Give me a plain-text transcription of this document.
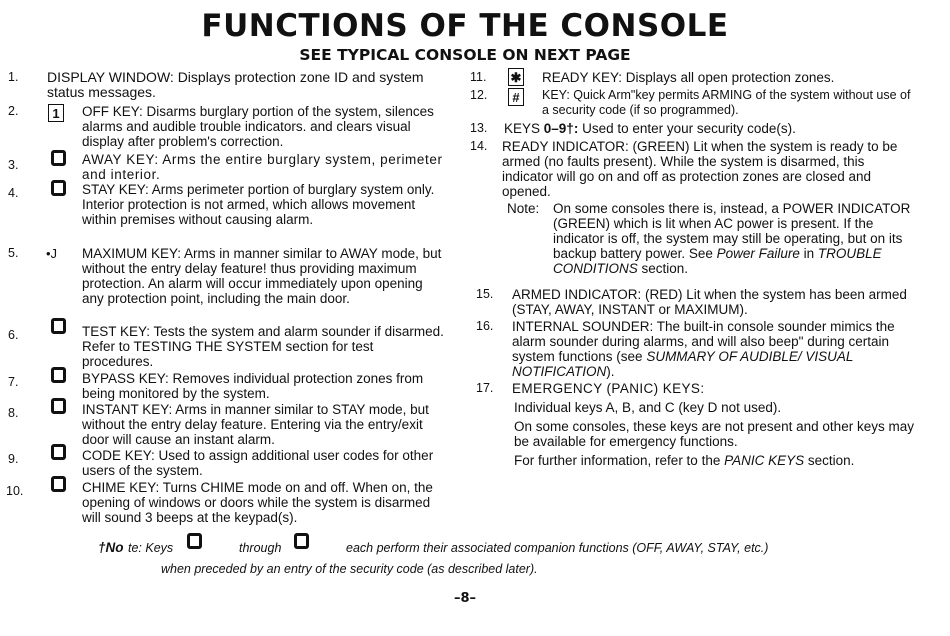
FUNCTIONS OF THE CONSOLE
SEE TYPICAL CONSOLE ON NEXT PAGE
1.	DISPLAY WINDOW: Displays protection zone ID and system status messages.
2.	1	OFF KEY: Disarms burglary portion of the system, silences alarms and audible trouble indicators. and clears visual display after problem's correction.
3.	AWAY KEY: Arms the entire burglary system, perimeter and interior.
4.	STAY KEY: Arms perimeter portion of burglary system only. Interior protection is not armed, which allows movement within premises without causing alarm.
5.	•J MAXIMUM KEY: Arms in manner similar to AWAY mode, but without the entry delay feature! thus providing maximum protection. An alarm will occur immediately upon opening any protection point, including the main door.
6.	TEST KEY: Tests the system and alarm sounder if disarmed. Refer to TESTING THE SYSTEM section for test procedures.
7.	BYPASS KEY: Removes individual protection zones from being monitored by the system.
8.	INSTANT KEY: Arms in manner similar to STAY mode, but without the entry delay feature. Entering via the entry/exit door will cause an instant alarm.
9.	CODE KEY: Used to assign additional user codes for other users of the system.
10.	CHIME KEY: Turns CHIME mode on and off. When on, the opening of windows or doors while the system is disarmed will sound 3 beeps at the keypad(s).
11.	✱ READY KEY: Displays all open protection zones.
12.	#	KEY: Quick Arm"key permits ARMING of the system without use of a security code (if so programmed).
13.	KEYS 0–9†: Used to enter your security code(s).
14.	READY INDICATOR: (GREEN) Lit when the system is ready to be armed (no faults present). While the system is disarmed, this indicator will go on and off as protection zones are closed and opened.
Note: On some consoles there is, instead, a POWER INDICATOR (GREEN) which is lit when AC power is present. If the indicator is off, the system may still be operating, but on its backup battery power. See Power Failure in TROUBLE CONDITIONS section.
15.	ARMED INDICATOR: (RED) Lit when the system has been armed (STAY, AWAY, INSTANT or MAXIMUM).
16.	INTERNAL SOUNDER: The built-in console sounder mimics the alarm sounder during alarms, and will also beep" during certain system functions (see SUMMARY OF AUDIBLE/ VISUAL NOTIFICATION).
17.	EMERGENCY (PANIC) KEYS:
Individual keys A, B, and C (key D not used).
On some consoles, these keys are not present and other keys may be available for emergency functions.
For further information, refer to the PANIC KEYS section.
†No te: Keys	through	each perform their associated companion functions (OFF, AWAY, STAY, etc.)
when preceded by an entry of the security code (as described later).
–8–
